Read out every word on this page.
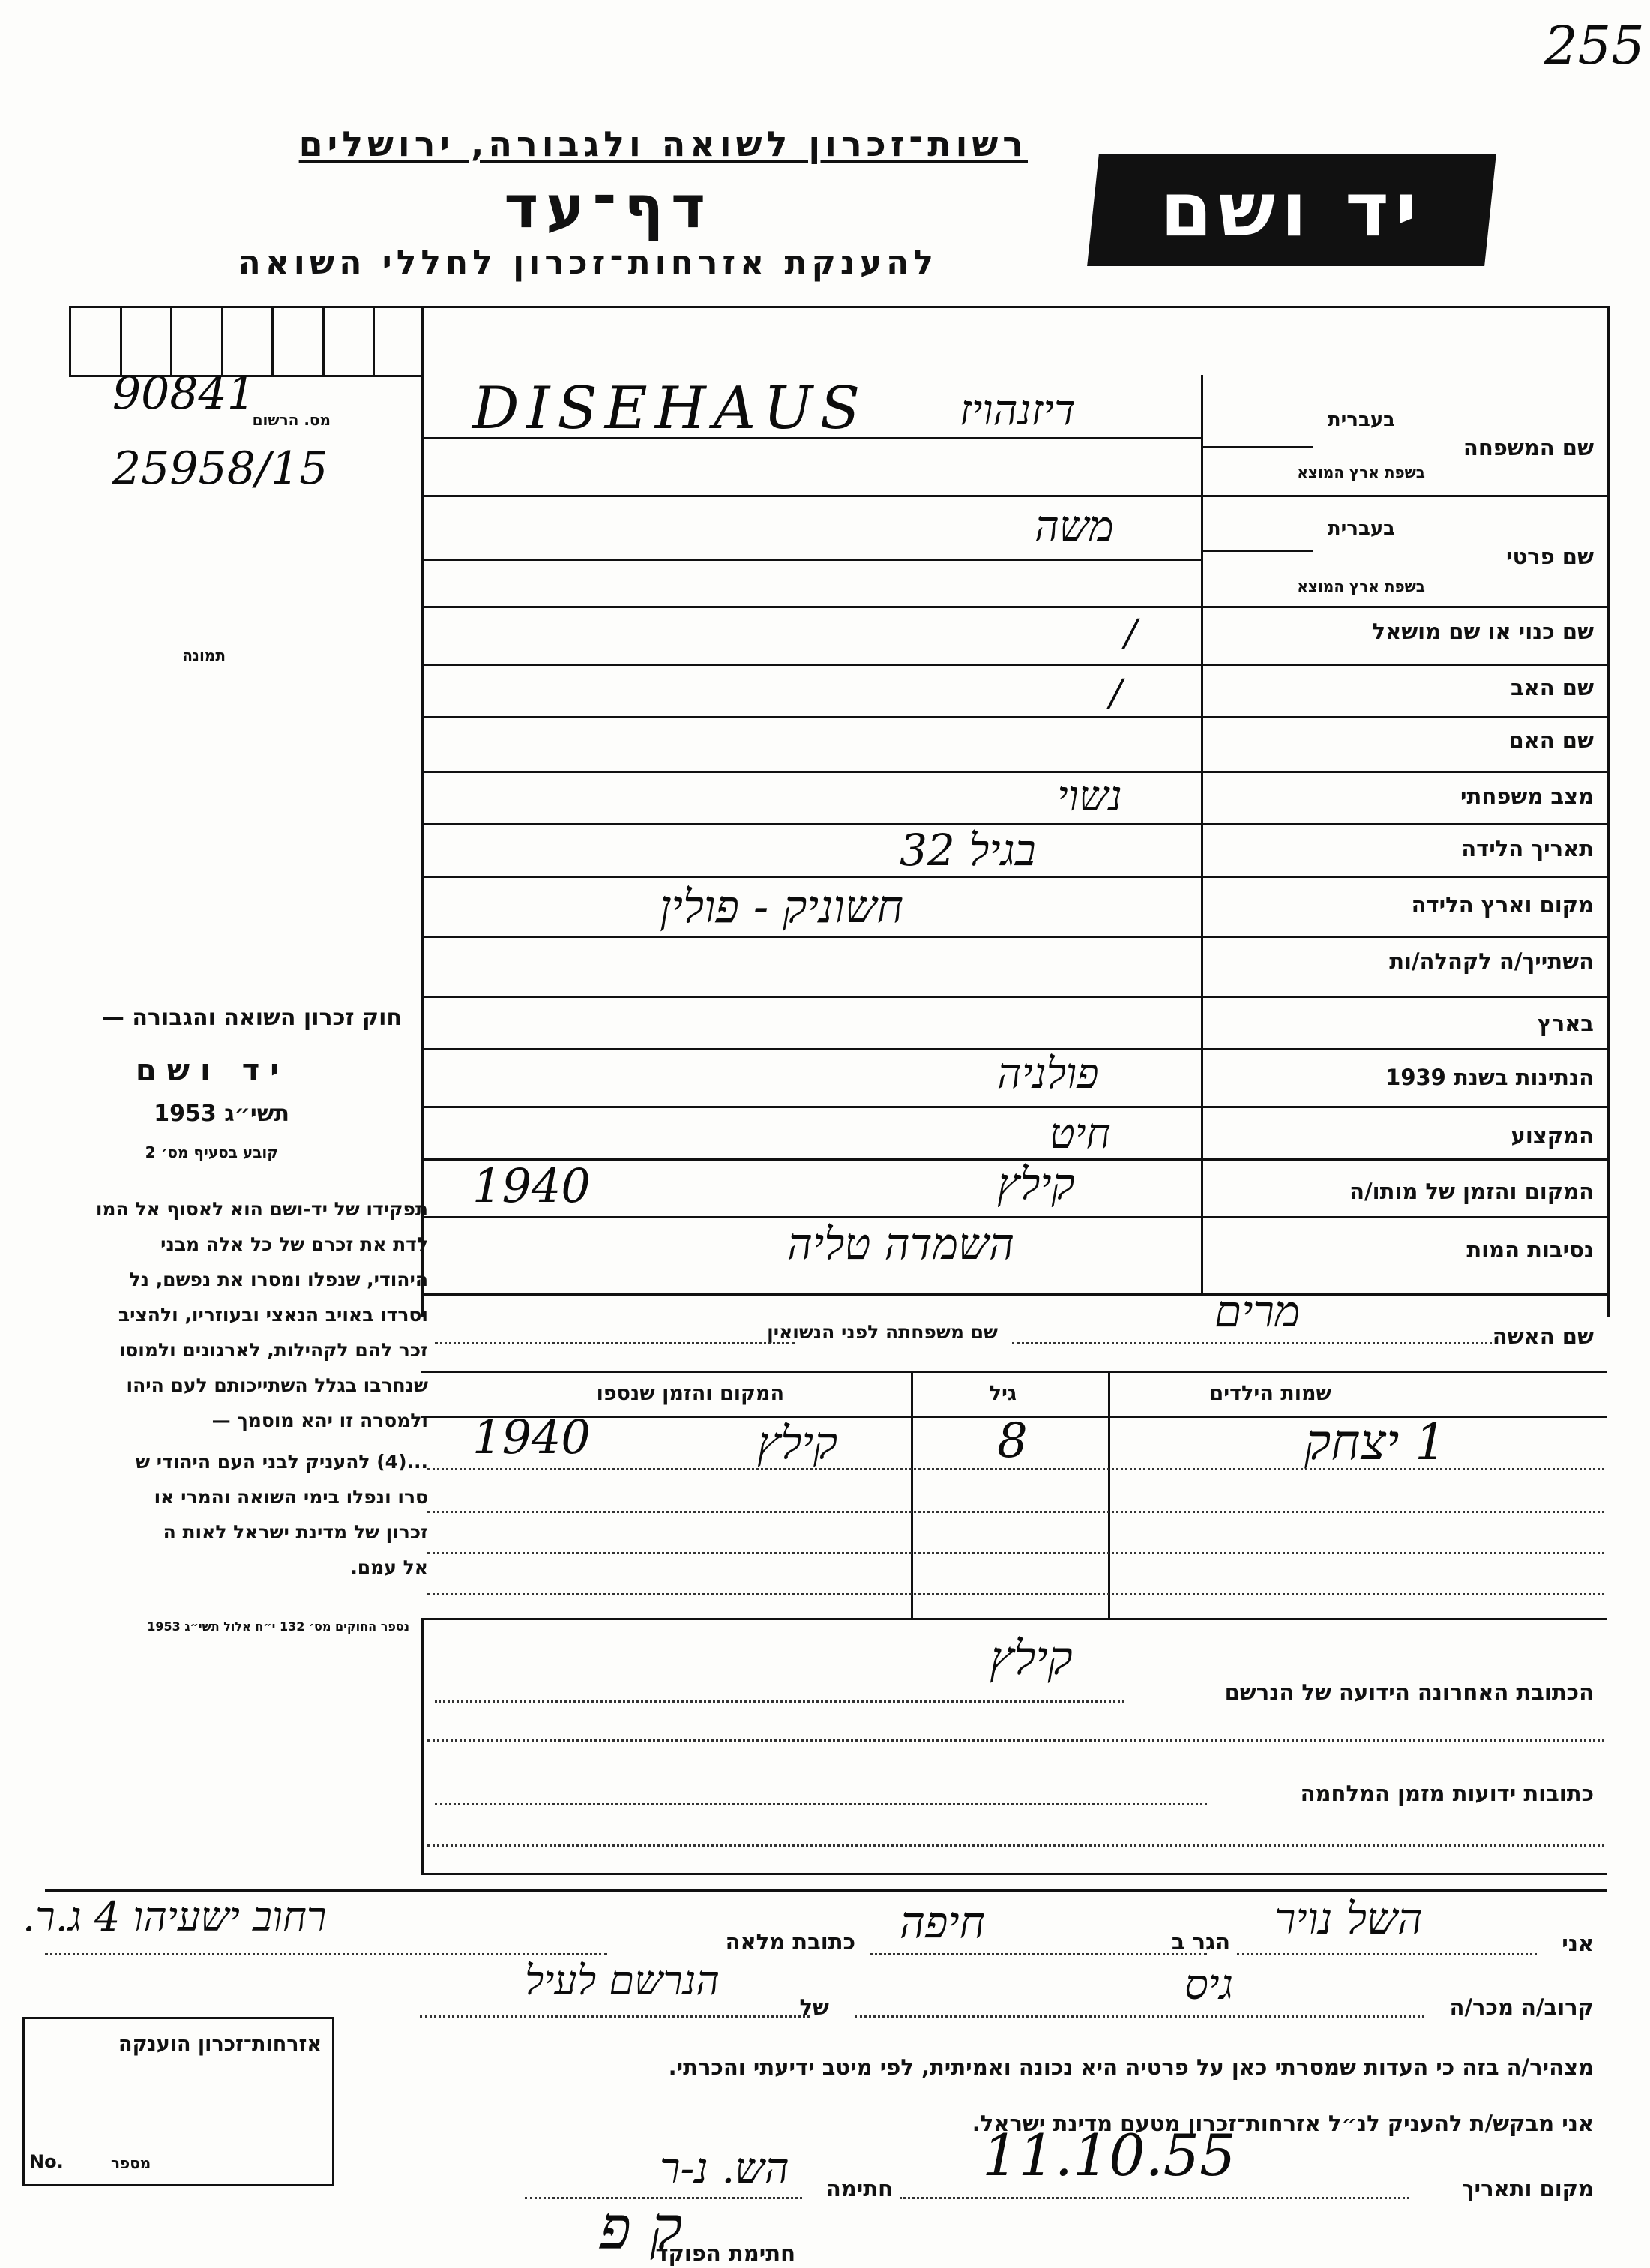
255
רשות־זכרון לשואה ולגבורה, ירושלים
דף־עד
להענקת אזרחות־זכרון לחללי השואה
יד ושם
מס. הרשום
90841
25958/15
תמונה
בעברית
שם המשפחה
בשפת ארץ המוצא
בעברית
שם פרטי
בשפת ארץ המוצא
שם כנוי או שם מושאל
שם האב
שם האם
מצב משפחתי
תאריך הלידה
מקום וארץ הלידה
השתייך/ה לקהלה/ות
בארץ
הנתינות בשנת 1939
המקצוע
המקום והזמן של מותו/ה
נסיבות המות
DISEHAUS דיזנהויז
משה
/
/
נשוי
בגיל 32
חשוניק - פולין
פולניה
חיט
1940	קילץ
השמדה טליה
שם האשה
שם משפחתה לפני הנשואין	מרים
שמות הילדים
גיל
המקום והזמן שנספו
1 יצחק
8
קילץ
1940
הכתובת האחרונה הידועה של הנרשם
קילץ
כתובות ידועות מזמן המלחמה
אני
השל נויר
הגר ב
חיפה
כתובת מלאה
רחוב ישעיהו 4 ג.ר.
קרוב/ה מכר/ה
גיס
של
הנרשם לעיל
מצהיר/ה בזה כי העדות שמסרתי כאן על פרטיה היא נכונה ואמיתית, לפי מיטב ידיעתי והכרתי.
אני מבקש/ת להעניק לנ״ל אזרחות־זכרון מטעם מדינת ישראל.
מקום ותאריך
11.10.55
חתימה
הש. נ-ר
חתימת הפוקד
ק פ
חוק זכרון השואה והגבורה —
יד ושם
תשי״ג 1953
קובע בסעיף מס׳ 2
תפקידו של יד-ושם הוא לאסוף אל המו
לדת את זכרם של כל אלה מבני
היהודי, שנפלו ומסרו את נפשם, נל
וסרדו באויב הנאצי ובעוזריו, ולהציב
זכר להם לקהילות, לארגונים ולמוסו
שנחרבו בגלל השתייכותם לעם היהו
ולמסרה זו יהא מוסמך —
...(4) להעניק לבני העם היהודי ש
סרו ונפלו בימי השואה והמרי או
זכרון של מדינת ישראל לאות ה
אל עמם.
נספר החוקים מס׳ 132 י״ח אלול תשי״ג 1953
אזרחות־זכרון הוענקה
מספר
No.
